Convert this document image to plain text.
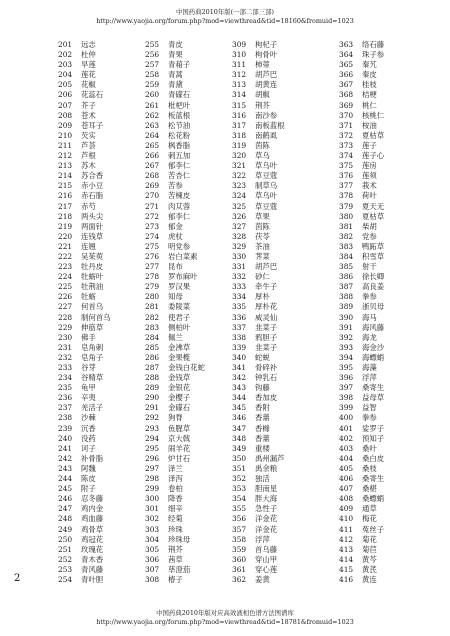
中国药典2010年版(一部二部三部)
http://www.yaojia.org/forum.php?mod=viewthread&tid=18160&fromuid=1023
201 远志
202 杜仲
203 旱莲
204 莲花
205 花椒
206 花蕊石
207 芥子
208 苍术
209 苍耳子
210 芡实
211 芦荟
212 芦根
213 苏木
214 苏合香
215 赤小豆
216 赤石脂
217 赤芍
218 两头尖
219 两面针
220 连钱草
221 连翘
222 吴茱萸
223 牡丹皮
224 牡蛎叶
225 牡荆油
226 牡蛎
227 何首乌
228 制何首乌
229 伸筋草
230 佛手
231 皂角刺
232 皂角子
233 谷芽
234 谷精草
235 龟甲
236 辛夷
237 羌活子
238 沙棘
239 沉香
240 没药
241 诃子
242 补骨脂
243 阿魏
244 陈皮
245 附子
246 忍冬藤
247 鸡内金
248 鸡血藤
249 鸡骨草
250 鸡冠花
251 玫瑰花
252 青木香
253 青风藤
254 青叶胆
255 青皮
256 青果
257 青葙子
258 青蒿
259 青黛
260 青礞石
261 枇杷叶
262 板蓝根
263 松节油
264 松花粉
265 枫香脂
266 刺五加
267 郁李仁
268 苦杏仁
269 苦参
270 苦楝皮
271 肉苁蓉
272 郁李仁
273 郁金
274 虎杖
275 明党参
276 岩白菜素
277 昆布
278 罗布麻叶
279 罗汉果
280 知母
281 委陵菜
282 使君子
283 侧柏叶
284 佩兰
285 金沸草
286 金果榄
287 金钱白花蛇
288 金钱草
289 金银花
290 金樱子
291 金礞石
292 狗脊
293 鱼腥草
294 京大戟
295 闹羊花
296 炉甘石
297 泽兰
298 泽泻
299 卷柏
300 降香
301 细辛
302 经菊
303 珍珠
304 珍珠母
305 荆芥
306 茜草
307 荜澄茄
308 椿子
309 枸杞子
310 枸骨叶
311 柿蒂
312 胡芦巴
313 胡黄连
314 胡椒
315 荆芥
316 南沙参
317 南板蓝根
318 南鹤虱
319 茵陈
320 草乌
321 草乌叶
322 草豆蔻
323 制草乌
324 草乌叶
325 草豆蔻
326 草果
327 茵陈
328 茯苓
329 茶油
330 荠菜
331 胡芦巴
332 砂仁
333 牵牛子
334 厚朴
335 厚朴花
336 威灵仙
337 韭菜子
338 鸦胆子
339 韭菜子
340 蛇蜕
341 骨碎补
342 钟乳石
343 钩藤
344 香加皮
345 香附
346 香薷
347 香橼
348 香薷
349 重楼
350 禹州漏芦
351 禹余粮
352 独活
353 胆南星
354 胖大海
355 急性子
356 洋金花
357 洋金花
358 浮萍
359 首乌藤
360 穿山甲
361 穿心莲
362 姜黄
363 络石藤
364 珠子参
365 秦艽
366 秦皮
367 桂枝
368 桔梗
369 桃仁
370 核桃仁
371 桉油
372 夏枯草
373 莲子
374 莲子心
375 莲房
376 莲须
377 莪术
378 荷叶
379 夏天无
380 夏枯草
381 柴胡
382 党参
383 鸭跖草
384 积雪草
385 射干
386 徐长卿
387 高良姜
388 拳参
389 浙贝母
390 海马
391 海风藤
392 海龙
393 海金沙
394 海螵蛸
395 海藻
396 浮萍
397 桑寄生
398 益母草
399 益智
400 拳参
401 娑罗子
402 预知子
403 桑叶
404 桑白皮
405 桑枝
406 桑寄生
407 桑椹
408 桑螵蛸
409 通草
410 梅花
411 菟丝子
412 菊花
413 菊苣
414 黄芩
415 黄芪
416 黄连
2
中国药典2010年版对应高效液相色谱方法图谱库
http://www.yaojia.org/forum.php?mod=viewthread&tid=18781&fromuid=1023
